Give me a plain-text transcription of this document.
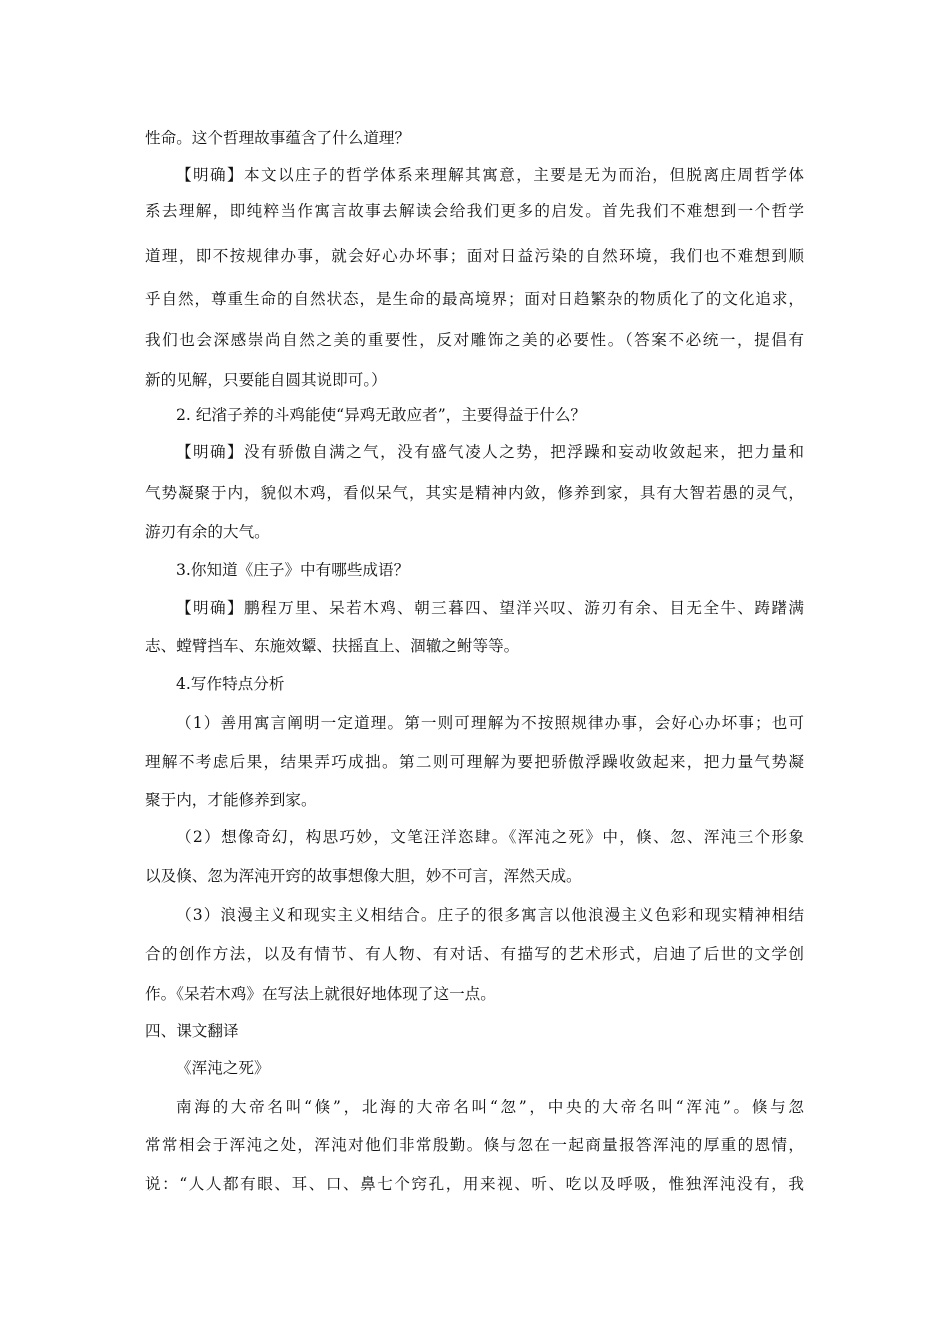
性命。这个哲理故事蕴含了什么道理？
【明确】本文以庄子的哲学体系来理解其寓意，主要是无为而治，但脱离庄周哲学体
系去理解，即纯粹当作寓言故事去解读会给我们更多的启发。首先我们不难想到一个哲学
道理，即不按规律办事，就会好心办坏事；面对日益污染的自然环境，我们也不难想到顺
乎自然，尊重生命的自然状态，是生命的最高境界；面对日趋繁杂的物质化了的文化追求，
我们也会深感崇尚自然之美的重要性，反对雕饰之美的必要性。（答案不必统一，提倡有
新的见解，只要能自圆其说即可。）
2. 纪渻子养的斗鸡能使“异鸡无敢应者”，主要得益于什么？
【明确】没有骄傲自满之气，没有盛气凌人之势，把浮躁和妄动收敛起来，把力量和
气势凝聚于内，貌似木鸡，看似呆气，其实是精神内敛，修养到家，具有大智若愚的灵气，
游刃有余的大气。
3.你知道《庄子》中有哪些成语？
【明确】鹏程万里、呆若木鸡、朝三暮四、望洋兴叹、游刃有余、目无全牛、踌躇满
志、螳臂挡车、东施效颦、扶摇直上、涸辙之鲋等等。
4.写作特点分析
（1）善用寓言阐明一定道理。第一则可理解为不按照规律办事，会好心办坏事；也可
理解不考虑后果，结果弄巧成拙。第二则可理解为要把骄傲浮躁收敛起来，把力量气势凝
聚于内，才能修养到家。
（2）想像奇幻，构思巧妙，文笔汪洋恣肆。《浑沌之死》中，倏、忽、浑沌三个形象
以及倏、忽为浑沌开窍的故事想像大胆，妙不可言，浑然天成。
（3）浪漫主义和现实主义相结合。庄子的很多寓言以他浪漫主义色彩和现实精神相结
合的创作方法，以及有情节、有人物、有对话、有描写的艺术形式，启迪了后世的文学创
作。《呆若木鸡》在写法上就很好地体现了这一点。
四、课文翻译
《浑沌之死》
南海的大帝名叫“倏”，北海的大帝名叫“忽”，中央的大帝名叫“浑沌”。倏与忽
常常相会于浑沌之处，浑沌对他们非常殷勤。倏与忽在一起商量报答浑沌的厚重的恩情，
说：“人人都有眼、耳、口、鼻七个窍孔，用来视、听、吃以及呼吸，惟独浑沌没有，我
